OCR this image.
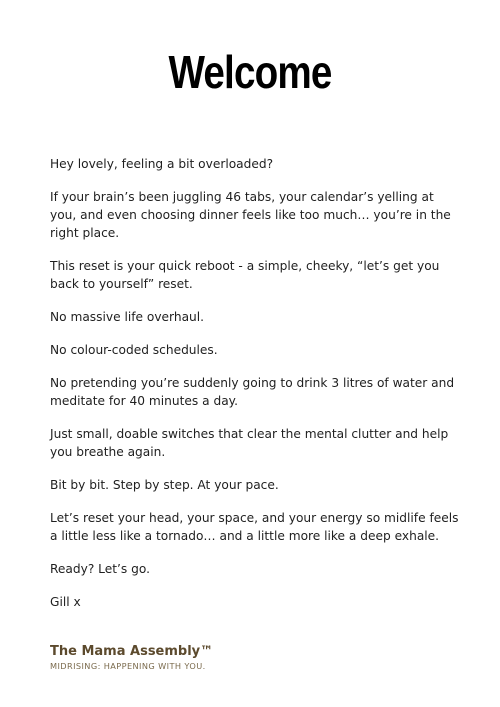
Welcome

Hey lovely, feeling a bit overloaded?

If your brain’s been juggling 46 tabs, your calendar’s yelling at you, and even choosing dinner feels like too much… you’re in the right place.

This reset is your quick reboot - a simple, cheeky, “let’s get you back to yourself” reset.

No massive life overhaul.

No colour-coded schedules.

No pretending you’re suddenly going to drink 3 litres of water and meditate for 40 minutes a day.

Just small, doable switches that clear the mental clutter and help you breathe again.

Bit by bit. Step by step. At your pace.

Let’s reset your head, your space, and your energy so midlife feels a little less like a tornado… and a little more like a deep exhale.

Ready? Let’s go.

Gill x

The Mama Assembly™
MIDRISING: HAPPENING WITH YOU.
